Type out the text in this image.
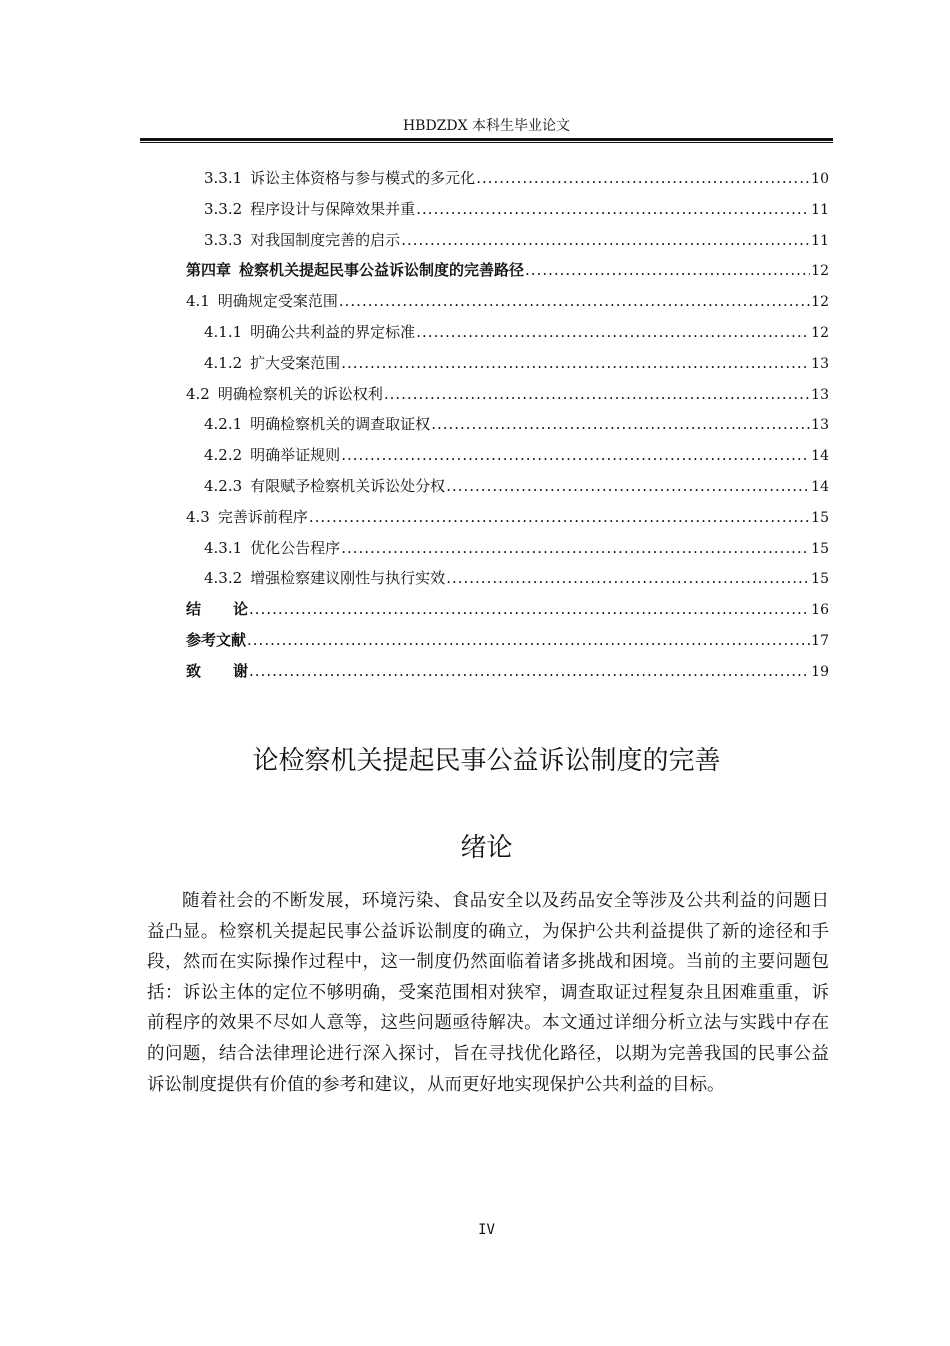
HBDZDX 本科生毕业论文
3.3.1 诉讼主体资格与参与模式的多元化 .....	10
3.3.2 程序设计与保障效果并重 .....	11
3.3.3 对我国制度完善的启示 .....	11
第四章 检察机关提起民事公益诉讼制度的完善路径 .....	12
4.1 明确规定受案范围 .....	12
4.1.1 明确公共利益的界定标准 .....	12
4.1.2 扩大受案范围 .....	13
4.2 明确检察机关的诉讼权利 .....	13
4.2.1 明确检察机关的调查取证权 .....	13
4.2.2 明确举证规则 .....	14
4.2.3 有限赋予检察机关诉讼处分权 .....	14
4.3 完善诉前程序 .....	15
4.3.1 优化公告程序 .....	15
4.3.2 增强检察建议刚性与执行实效 .....	15
结 论 .....	16
参考文献 .....	17
致 谢 .....	19
论检察机关提起民事公益诉讼制度的完善
绪论

随着社会的不断发展，环境污染、食品安全以及药品安全等涉及公共利益的问题日益凸显。检察机关提起民事公益诉讼制度的确立，为保护公共利益提供了新的途径和手段，然而在实际操作过程中，这一制度仍然面临着诸多挑战和困境。当前的主要问题包括：诉讼主体的定位不够明确，受案范围相对狭窄，调查取证过程复杂且困难重重，诉前程序的效果不尽如人意等，这些问题亟待解决。本文通过详细分析立法与实践中存在的问题，结合法律理论进行深入探讨，旨在寻找优化路径，以期为完善我国的民事公益诉讼制度提供有价值的参考和建议，从而更好地实现保护公共利益的目标。

IV
